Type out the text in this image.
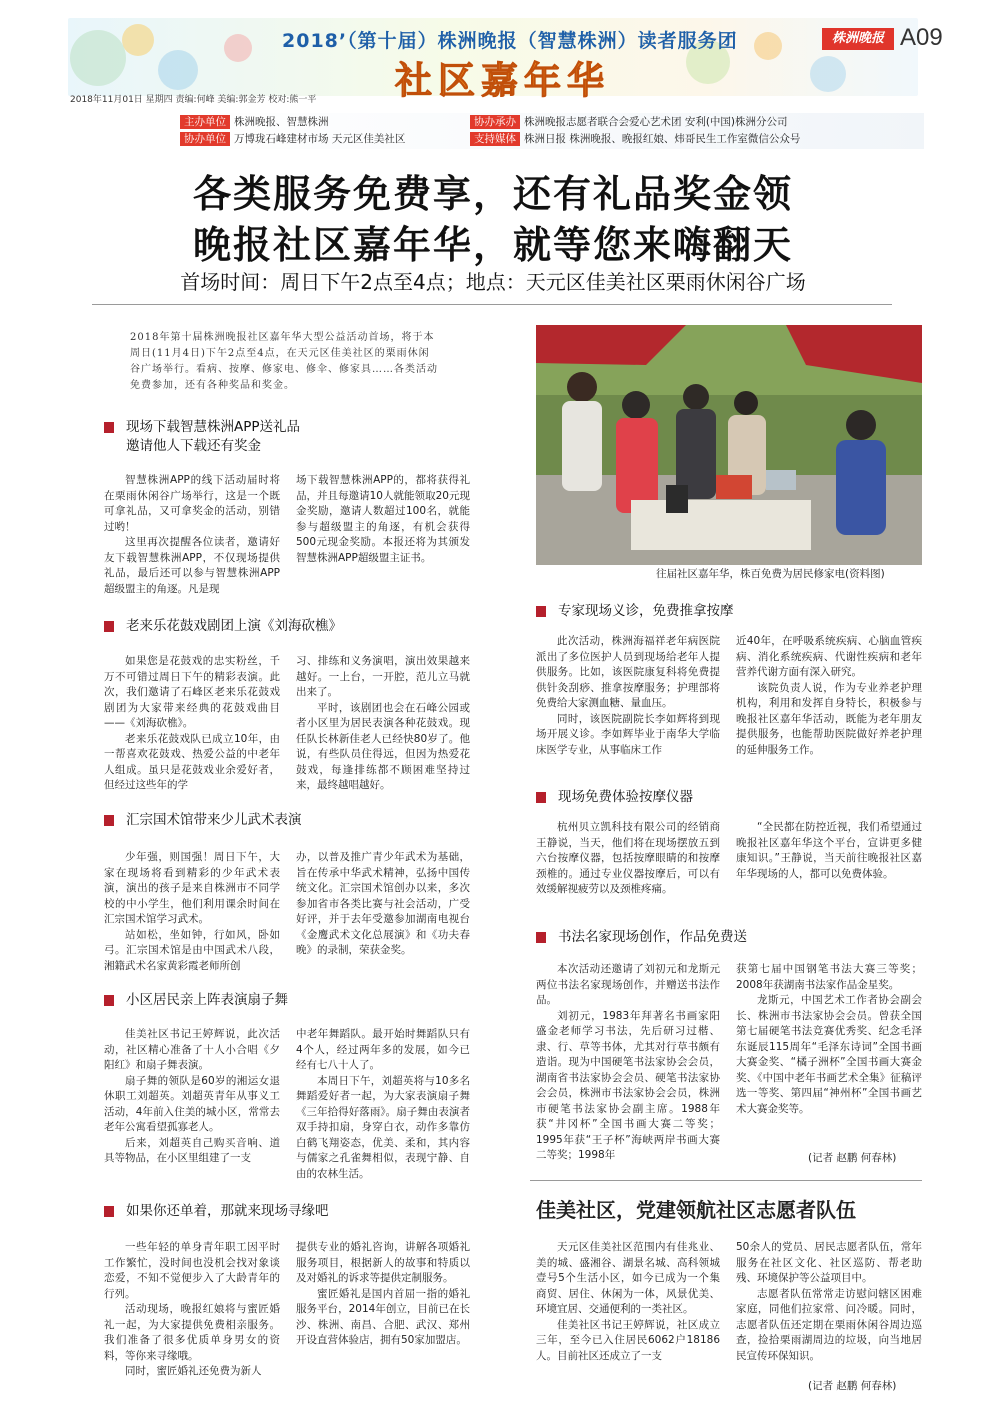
2018’（第十届）株洲晚报（智慧株洲）读者服务团
社区嘉年华
株洲晚报 A09
2018年11月01日 星期四 责编:何峰 美编:郭金芳 校对:熊一平
主办单位 株洲晚报、智慧株洲
协办单位 万博珑石峰建材市场 天元区佳美社区
协办承办 株洲晚报志愿者联合会爱心艺术团 安利(中国)株洲分公司
支持媒体 株洲日报 株洲晚报、晚报红娘、炜哥民生工作室微信公众号
各类服务免费享，还有礼品奖金领
晚报社区嘉年华，就等您来嗨翻天
首场时间：周日下午2点至4点；地点：天元区佳美社区栗雨休闲谷广场
2018年第十届株洲晚报社区嘉年华大型公益活动首场，将于本周日(11月4日)下午2点至4点，在天元区佳美社区的栗雨休闲谷广场举行。看病、按摩、修家电、修伞、修家具……各类活动免费参加，还有各种奖品和奖金。
往届社区嘉年华，株百免费为居民修家电(资料图)
现场下载智慧株洲APP送礼品
邀请他人下载还有奖金

智慧株洲APP的线下活动届时将在栗雨休闲谷广场举行，这是一个既可拿礼品，又可拿奖金的活动，别错过哟！

这里再次提醒各位读者，邀请好友下载智慧株洲APP，不仅现场提供礼品，最后还可以参与智慧株洲APP超级盟主的角逐。凡是现

场下载智慧株洲APP的，都将获得礼品，并且每邀请10人就能领取20元现金奖励，邀请人数超过100名，就能参与超级盟主的角逐，有机会获得500元现金奖励。本报还将为其颁发智慧株洲APP超级盟主证书。

老来乐花鼓戏剧团上演《刘海砍樵》

如果您是花鼓戏的忠实粉丝，千万不可错过周日下午的精彩表演。此次，我们邀请了石峰区老来乐花鼓戏剧团为大家带来经典的花鼓戏曲目——《刘海砍樵》。

老来乐花鼓戏队已成立10年，由一帮喜欢花鼓戏、热爱公益的中老年人组成。虽只是花鼓戏业余爱好者，但经过这些年的学

习、排练和义务演唱，演出效果越来越好。一上台，一开腔，范儿立马就出来了。

平时，该剧团也会在石峰公园或者小区里为居民表演各种花鼓戏。现任队长林新佳老人已经快80岁了。他说，有些队员住得远，但因为热爱花鼓戏，每逢排练都不顾困难坚持过来，最终越唱越好。

汇宗国术馆带来少儿武术表演

少年强，则国强！周日下午，大家在现场将看到精彩的少年武术表演，演出的孩子是来自株洲市不同学校的中小学生，他们利用课余时间在汇宗国术馆学习武术。

站如松，坐如钟，行如风，卧如弓。汇宗国术馆是由中国武术八段，湘籍武术名家黄彩霞老师所创

办，以普及推广青少年武术为基础，旨在传承中华武术精神，弘扬中国传统文化。汇宗国术馆创办以来，多次参加省市各类比赛与社会活动，广受好评，并于去年受邀参加湖南电视台《金鹰武术文化总展演》和《功夫春晚》的录制，荣获金奖。

小区居民亲上阵表演扇子舞

佳美社区书记王婷辉说，此次活动，社区精心准备了十人小合唱《夕阳红》和扇子舞表演。

扇子舞的领队是60岁的湘运女退休职工刘超英。刘超英青年从事义工活动，4年前入住美的城小区，常常去老年公寓看望孤寡老人。

后来，刘超英自己购买音响、道具等物品，在小区里组建了一支

中老年舞蹈队。最开始时舞蹈队只有4个人，经过两年多的发展，如今已经有七八十人了。

本周日下午，刘超英将与10多名舞蹈爱好者一起，为大家表演扇子舞《三年拾得好落雨》。扇子舞由表演者双手持扣扇，身穿白衣，动作多靠仿白鹤飞翔姿态，优美、柔和，其内容与儒家之孔雀舞相似，表现宁静、自由的农林生活。

如果你还单着，那就来现场寻缘吧

一些年轻的单身青年职工因平时工作繁忙，没时间也没机会找对象谈恋爱，不知不觉便步入了大龄青年的行列。

活动现场，晚报红娘将与蜜匠婚礼一起，为大家提供免费相亲服务。我们准备了很多优质单身男女的资料，等你来寻缘哦。

同时，蜜匠婚礼还免费为新人

提供专业的婚礼咨询，讲解各项婚礼服务项目，根据新人的故事和特质以及对婚礼的诉求等提供定制服务。

蜜匠婚礼是国内首屈一指的婚礼服务平台，2014年创立，目前已在长沙、株洲、南昌、合肥、武汉、郑州开设直营体验店，拥有50家加盟店。

专家现场义诊，免费推拿按摩

此次活动，株洲海福祥老年病医院派出了多位医护人员到现场给老年人提供服务。比如，该医院康复科将免费提供针灸刮痧、推拿按摩服务；护理部将免费给大家测血糖、量血压。

同时，该医院副院长李如辉将到现场开展义诊。李如辉毕业于南华大学临床医学专业，从事临床工作

近40年，在呼吸系统疾病、心脑血管疾病、消化系统疾病、代谢性疾病和老年营养代谢方面有深入研究。

该院负责人说，作为专业养老护理机构，利用和发挥自身特长，积极参与晚报社区嘉年华活动，既能为老年朋友提供服务，也能帮助医院做好养老护理的延伸服务工作。

现场免费体验按摩仪器

杭州贝立凯科技有限公司的经销商王静说，当天，他们将在现场摆放五到六台按摩仪器，包括按摩眼睛的和按摩颈椎的。通过专业仪器按摩后，可以有效缓解视疲劳以及颈椎疼痛。

“全民都在防控近视，我们希望通过晚报社区嘉年华这个平台，宣讲更多健康知识。”王静说，当天前往晚报社区嘉年华现场的人，都可以免费体验。

书法名家现场创作，作品免费送

本次活动还邀请了刘初元和龙斯元两位书法名家现场创作，并赠送书法作品。

刘初元，1983年拜著名书画家阳盛金老师学习书法，先后研习过楷、隶、行、草等书体，尤其对行草书颇有造诣。现为中国硬笔书法家协会会员，湖南省书法家协会会员、硬笔书法家协会会员，株洲市书法家协会会员，株洲市硬笔书法家协会副主席。1988年获“井冈杯”全国书画大赛二等奖；1995年获“王子杯”海峡两岸书画大赛二等奖；1998年

获第七届中国钢笔书法大赛三等奖；2008年获湖南书法家作品金星奖。

龙斯元，中国艺术工作者协会副会长、株洲市书法家协会会员。曾获全国第七届硬笔书法竞赛优秀奖、纪念毛泽东诞辰115周年“毛泽东诗词”全国书画大赛金奖、“橘子洲杯”全国书画大赛金奖、《中国中老年书画艺术全集》征稿评选一等奖、第四届“神州杯”全国书画艺术大赛金奖等。

(记者 赵鹏 何春林)
佳美社区，党建领航社区志愿者队伍

天元区佳美社区范围内有佳兆业、美的城、盛湘谷、湖景名城、高科领城壹号5个生活小区，如今已成为一个集商贸、居住、休闲为一体，风景优美、环境宜居、交通便利的一类社区。

佳美社区书记王婷辉说，社区成立三年，至今已入住居民6062户18186人。目前社区还成立了一支

50余人的党员、居民志愿者队伍，常年服务在社区文化、社区巡防、帮老助残、环境保护等公益项目中。

志愿者队伍常常走访慰问辖区困难家庭，同他们拉家常、问冷暖。同时，志愿者队伍还定期在栗雨休闲谷周边巡查，捡拾栗雨湖周边的垃圾，向当地居民宣传环保知识。

(记者 赵鹏 何春林)
